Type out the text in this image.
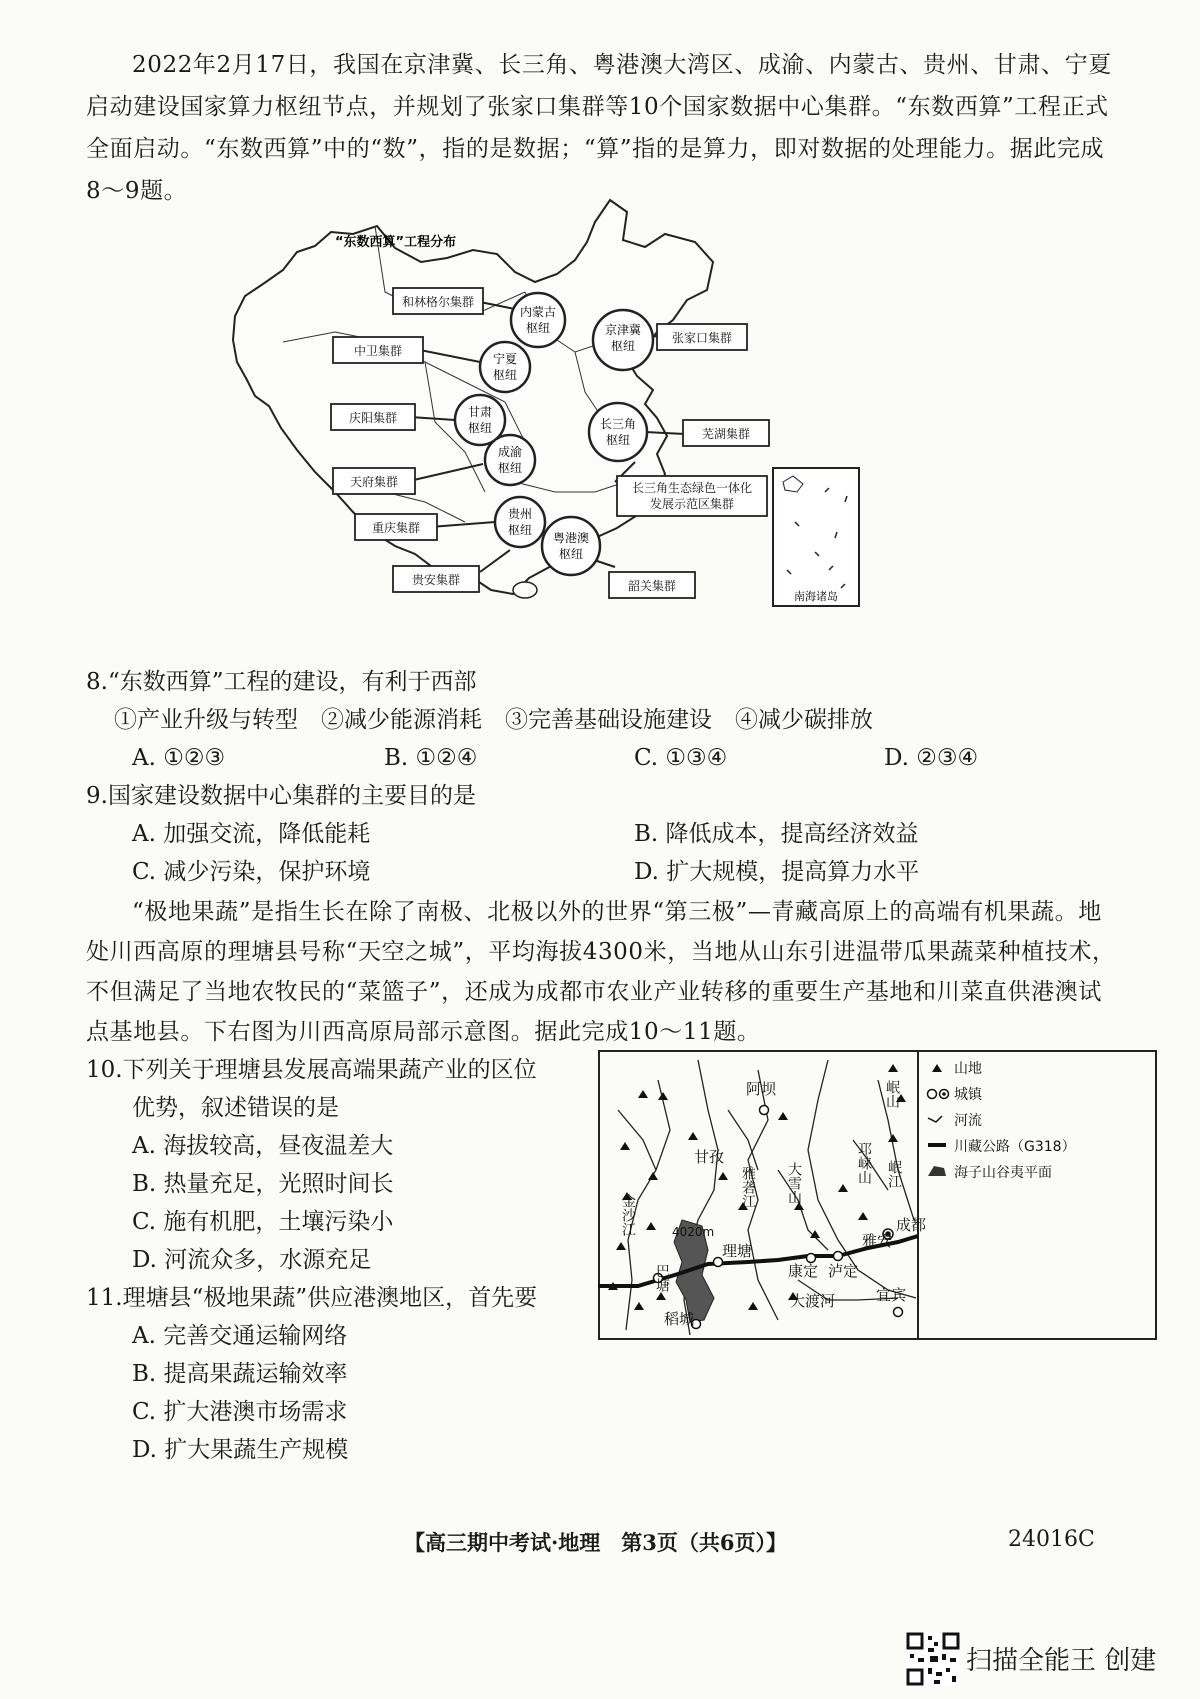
2022年2月17日，我国在京津冀、长三角、粤港澳大湾区、成渝、内蒙古、贵州、甘肃、宁夏启动建设国家算力枢纽节点，并规划了张家口集群等10个国家数据中心集群。“东数西算”工程正式全面启动。“东数西算”中的“数”，指的是数据；“算”指的是算力，即对数据的处理能力。据此完成8～9题。
“东数西算”工程分布
内蒙古
枢纽	京津冀
枢纽
宁夏
枢纽
甘肃
枢纽	长三角
枢纽
成渝
枢纽
贵州
枢纽
粤港澳
枢纽
和林格尔集群
张家口集群
中卫集群
庆阳集群
芜湖集群
天府集群	长三角生态绿色一体化
发展示范区集群
重庆集群
贵安集群	韶关集群
南海诸岛
8.“东数西算”工程的建设，有利于西部
①产业升级与转型　②减少能源消耗　③完善基础设施建设　④减少碳排放
A. ①②③	B. ①②④	C. ①③④	D. ②③④
9.国家建设数据中心集群的主要目的是
A. 加强交流，降低能耗	B. 降低成本，提高经济效益
C. 减少污染，保护环境	D. 扩大规模，提高算力水平
“极地果蔬”是指生长在除了南极、北极以外的世界“第三极”—青藏高原上的高端有机果蔬。地处川西高原的理塘县号称“天空之城”，平均海拔4300米，当地从山东引进温带瓜果蔬菜种植技术，不但满足了当地农牧民的“菜篮子”，还成为成都市农业产业转移的重要生产基地和川菜直供港澳试点基地县。下右图为川西高原局部示意图。据此完成10～11题。
10.下列关于理塘县发展高端果蔬产业的区位
优势，叙述错误的是
A. 海拔较高，昼夜温差大
B. 热量充足，光照时间长
C. 施有机肥，土壤污染小
D. 河流众多，水源充足
11.理塘县“极地果蔬”供应港澳地区，首先要
A. 完善交通运输网络
B. 提高果蔬运输效率
C. 扩大港澳市场需求
D. 扩大果蔬生产规模
阿坝
甘孜
雅砻江 大雪山	邛崃山
岷山
岷江
成都
雅安
泸定
康定
理塘
金沙江
巴塘
稻城
大渡河	宜宾
4020m
山地
城镇
河流
川藏公路（G318）
海子山谷夷平面
【高三期中考试·地理　第3页（共6页）】	24016C
扫描全能王 创建
